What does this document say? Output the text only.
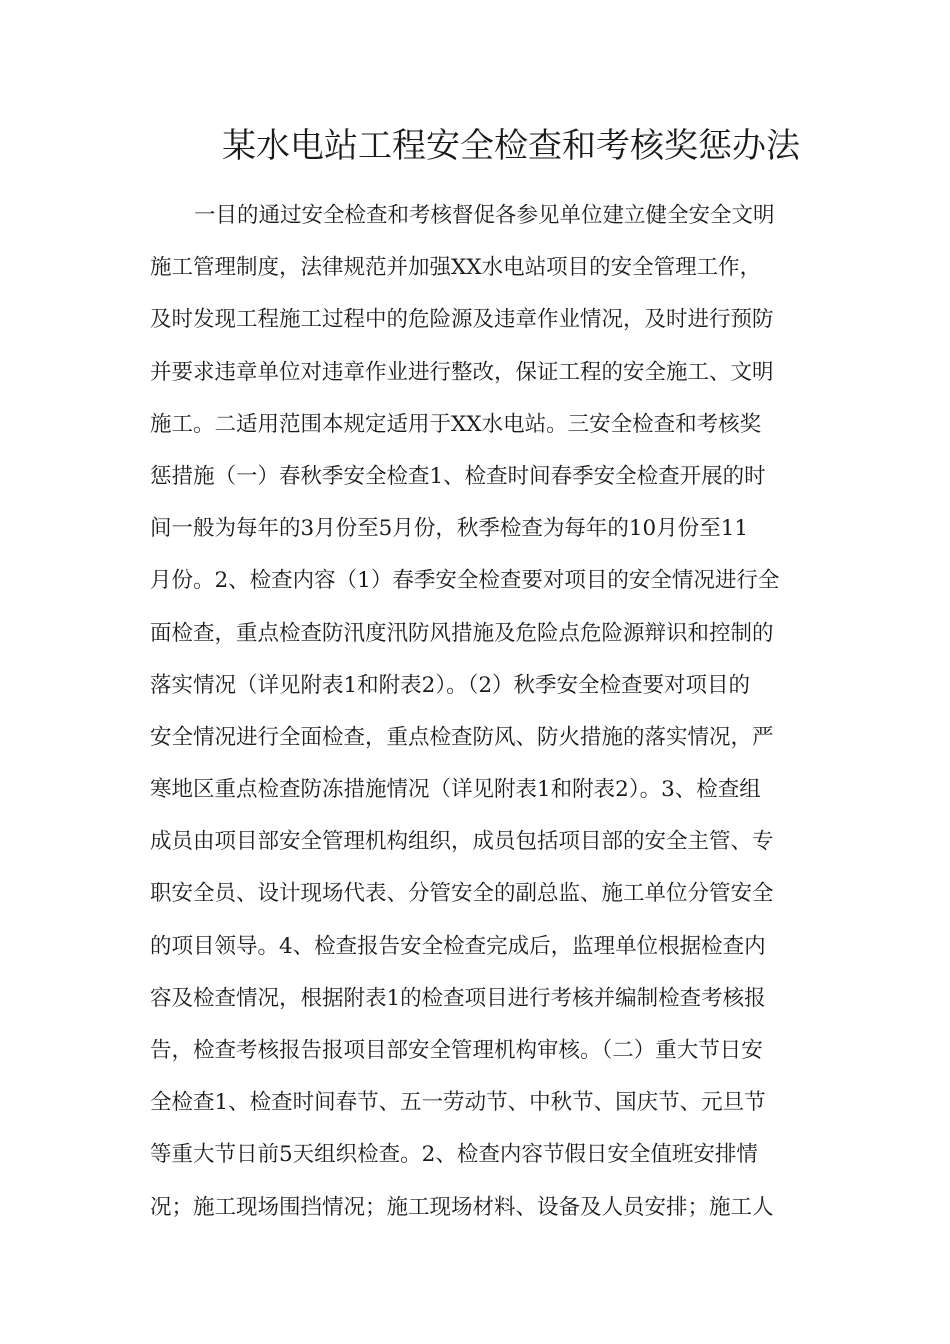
某水电站工程安全检查和考核奖惩办法
一目的通过安全检查和考核督促各参见单位建立健全安全文明
施工管理制度，法律规范并加强XX水电站项目的安全管理工作，
及时发现工程施工过程中的危险源及违章作业情况，及时进行预防
并要求违章单位对违章作业进行整改，保证工程的安全施工、文明
施工。二适用范围本规定适用于XX水电站。三安全检查和考核奖
惩措施（一）春秋季安全检查1、检查时间春季安全检查开展的时
间一般为每年的3月份至5月份，秋季检查为每年的10月份至11
月份。2、检查内容（1）春季安全检查要对项目的安全情况进行全
面检查，重点检查防汛度汛防风措施及危险点危险源辩识和控制的
落实情况（详见附表1和附表2）。（2）秋季安全检查要对项目的
安全情况进行全面检查，重点检查防风、防火措施的落实情况，严
寒地区重点检查防冻措施情况（详见附表1和附表2）。3、检查组
成员由项目部安全管理机构组织，成员包括项目部的安全主管、专
职安全员、设计现场代表、分管安全的副总监、施工单位分管安全
的项目领导。4、检查报告安全检查完成后，监理单位根据检查内
容及检查情况，根据附表1的检查项目进行考核并编制检查考核报
告，检查考核报告报项目部安全管理机构审核。（二）重大节日安
全检查1、检查时间春节、五一劳动节、中秋节、国庆节、元旦节
等重大节日前5天组织检查。2、检查内容节假日安全值班安排情
况；施工现场围挡情况；施工现场材料、设备及人员安排；施工人
